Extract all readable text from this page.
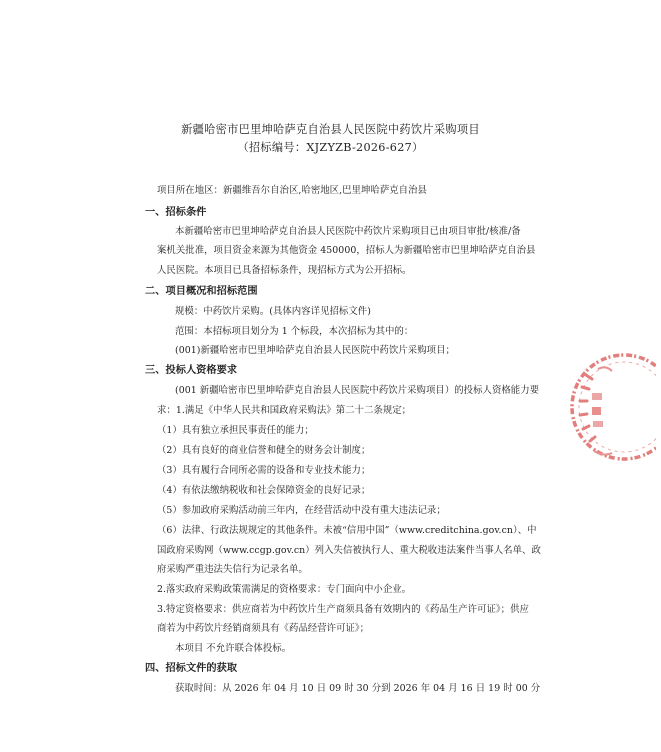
新疆哈密市巴里坤哈萨克自治县人民医院中药饮片采购项目
（招标编号：XJZYZB-2026-627）
项目所在地区：新疆维吾尔自治区,哈密地区,巴里坤哈萨克自治县
一、招标条件
本新疆哈密市巴里坤哈萨克自治县人民医院中药饮片采购项目已由项目审批/核准/备
案机关批准，项目资金来源为其他资金 450000，招标人为新疆哈密市巴里坤哈萨克自治县
人民医院。本项目已具备招标条件，现招标方式为公开招标。
二、项目概况和招标范围
规模：中药饮片采购。(具体内容详见招标文件)
范围：本招标项目划分为 1 个标段，本次招标为其中的：
(001)新疆哈密市巴里坤哈萨克自治县人民医院中药饮片采购项目；
三、投标人资格要求
(001 新疆哈密市巴里坤哈萨克自治县人民医院中药饮片采购项目）的投标人资格能力要
求：1.满足《中华人民共和国政府采购法》第二十二条规定；
（1）具有独立承担民事责任的能力；
（2）具有良好的商业信誉和健全的财务会计制度；
（3）具有履行合同所必需的设备和专业技术能力；
（4）有依法缴纳税收和社会保障资金的良好记录；
（5）参加政府采购活动前三年内，在经营活动中没有重大违法记录；
（6）法律、行政法规规定的其他条件。未被“信用中国”（www.creditchina.gov.cn）、中
国政府采购网（www.ccgp.gov.cn）列入失信被执行人、重大税收违法案件当事人名单、政
府采购严重违法失信行为记录名单。
2.落实政府采购政策需满足的资格要求：专门面向中小企业。
3.特定资格要求：供应商若为中药饮片生产商须具备有效期内的《药品生产许可证》；供应
商若为中药饮片经销商须具有《药品经营许可证》；
本项目 不允许联合体投标。
四、招标文件的获取
获取时间：从 2026 年 04 月 10 日 09 时 30 分到 2026 年 04 月 16 日 19 时 00 分
